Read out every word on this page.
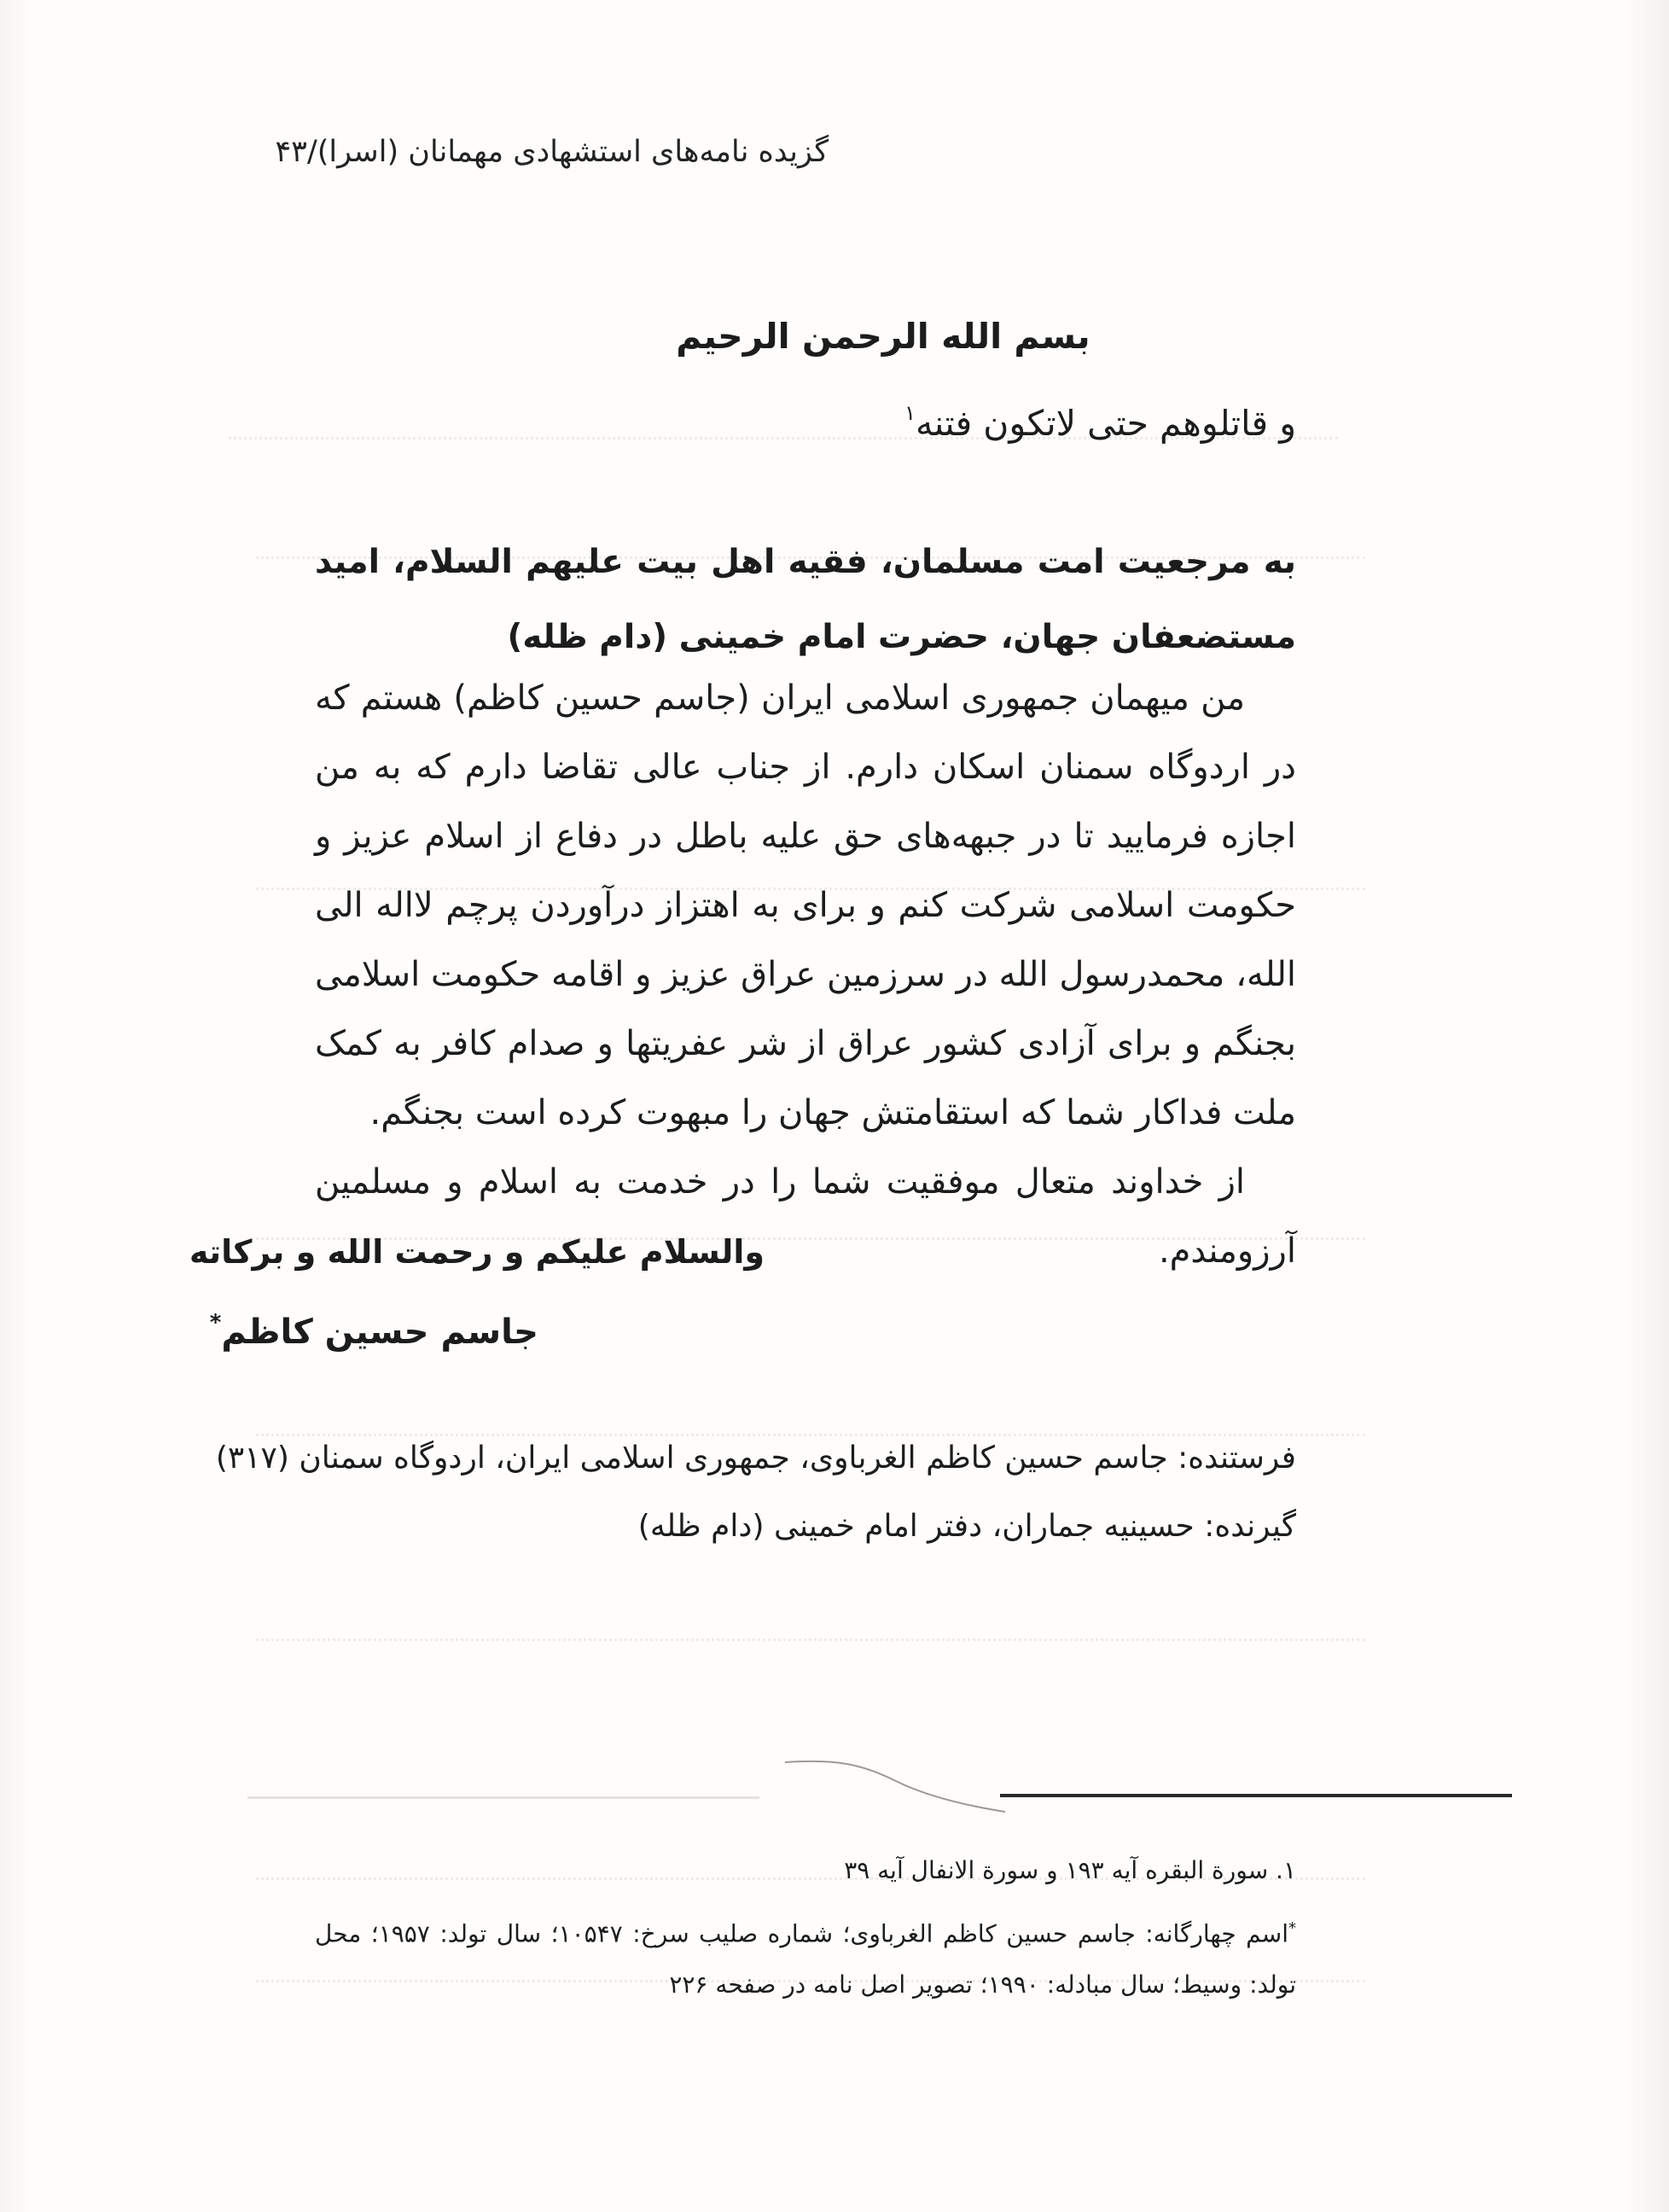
گزیده نامه‌های استشهادی مهمانان (اسرا)/۴۳
بسم الله الرحمن الرحیم
و قاتلوهم حتی لاتکون فتنه$^۱$
به مرجعیت امت مسلمان، فقیه اهل بیت علیهم السلام، امید مستضعفان جهان، حضرت امام خمینی (دام ظله)

من میهمان جمهوری اسلامی ایران (جاسم حسین کاظم) هستم که در اردوگاه سمنان اسکان دارم. از جناب عالی تقاضا دارم که به من اجازه فرمایید تا در جبهه‌های حق علیه باطل در دفاع از اسلام عزیز و حکومت اسلامی شرکت کنم و برای به اهتزاز درآوردن پرچم لااله الی الله، محمدرسول الله در سرزمین عراق عزیز و اقامه حکومت اسلامی بجنگم و برای آزادی کشور عراق از شر عفریتها و صدام کافر به کمک ملت فداکار شما که استقامتش جهان را مبهوت کرده است بجنگم.

از خداوند متعال موفقیت شما را در خدمت به اسلام و مسلمین آرزومندم.

والسلام علیکم و رحمت الله و برکاته
جاسم حسین کاظم*
فرستنده: جاسم حسین کاظم الغرباوی، جمهوری اسلامی ایران، اردوگاه سمنان (۳۱۷)
گیرنده: حسینیه جماران، دفتر امام خمینی (دام ظله)

۱. سورة البقره آیه ۱۹۳ و سورة الانفال آیه ۳۹

*اسم چهارگانه: جاسم حسین کاظم الغرباوی؛ شماره صلیب سرخ: ۱۰۵۴۷؛ سال تولد: ۱۹۵۷؛ محل تولد: وسیط؛ سال مبادله: ۱۹۹۰؛ تصویر اصل نامه در صفحه ۲۲۶
